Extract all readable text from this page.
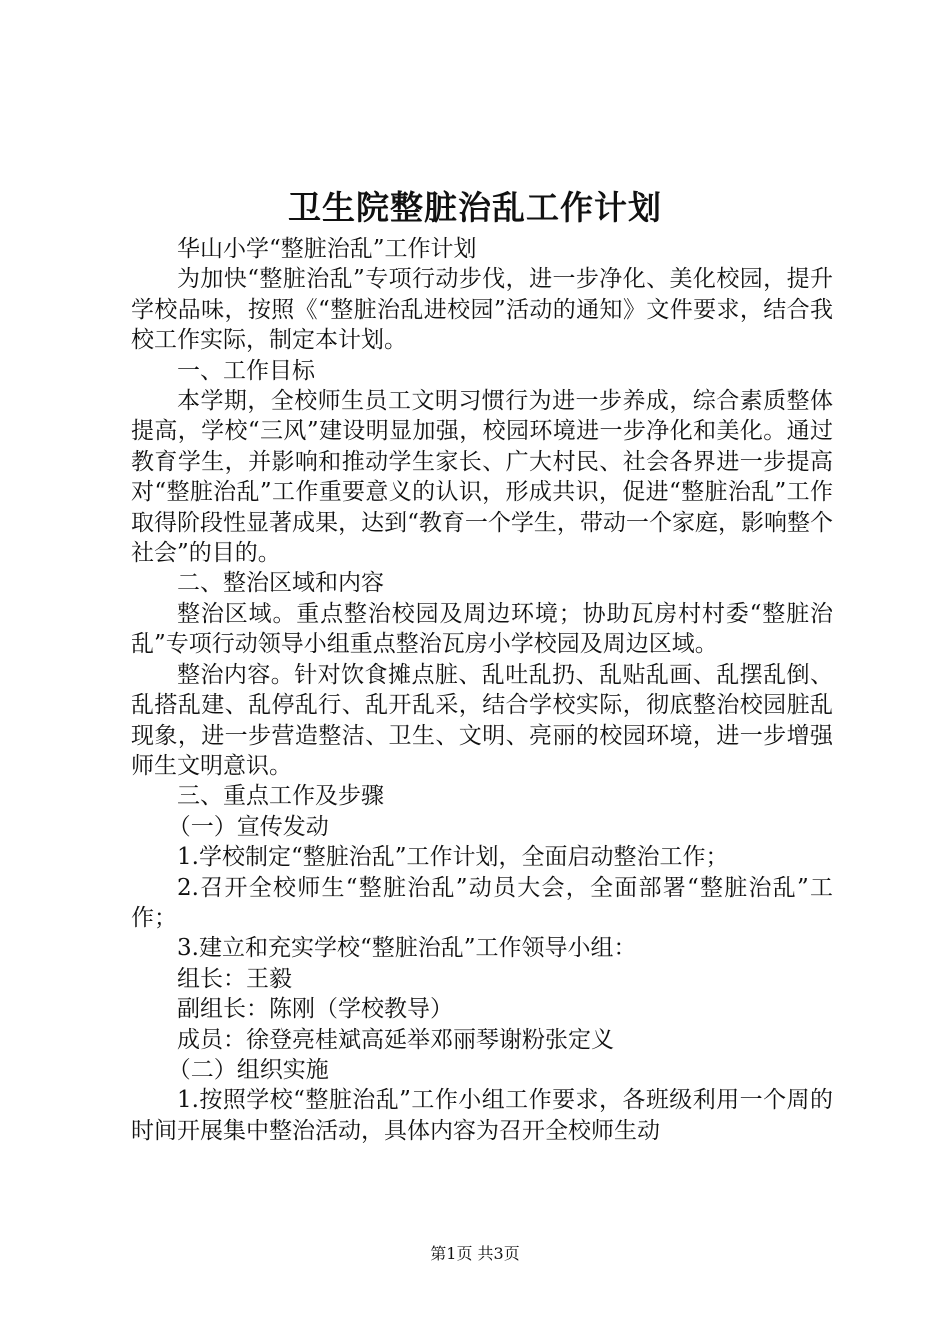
卫生院整脏治乱工作计划

华山小学“整脏治乱”工作计划

为加快“整脏治乱”专项行动步伐，进一步净化、美化校园，提升学校品味，按照《“整脏治乱进校园”活动的通知》文件要求，结合我校工作实际，制定本计划。

一、工作目标

本学期，全校师生员工文明习惯行为进一步养成，综合素质整体提高，学校“三风”建设明显加强，校园环境进一步净化和美化。通过教育学生，并影响和推动学生家长、广大村民、社会各界进一步提高对“整脏治乱”工作重要意义的认识，形成共识，促进“整脏治乱”工作取得阶段性显著成果，达到“教育一个学生，带动一个家庭，影响整个社会”的目的。

二、整治区域和内容

整治区域。重点整治校园及周边环境；协助瓦房村村委“整脏治乱”专项行动领导小组重点整治瓦房小学校园及周边区域。

整治内容。针对饮食摊点脏、乱吐乱扔、乱贴乱画、乱摆乱倒、乱搭乱建、乱停乱行、乱开乱采，结合学校实际，彻底整治校园脏乱现象，进一步营造整洁、卫生、文明、亮丽的校园环境，进一步增强师生文明意识。

三、重点工作及步骤

（一）宣传发动

1.学校制定“整脏治乱”工作计划，全面启动整治工作；

2.召开全校师生“整脏治乱”动员大会，全面部署“整脏治乱”工作；

3.建立和充实学校“整脏治乱”工作领导小组：

组长：王毅

副组长：陈刚（学校教导）

成员：徐登亮桂斌高延举邓丽琴谢粉张定义

（二）组织实施

1.按照学校“整脏治乱”工作小组工作要求，各班级利用一个周的时间开展集中整治活动，具体内容为召开全校师生动

第1页 共3页
